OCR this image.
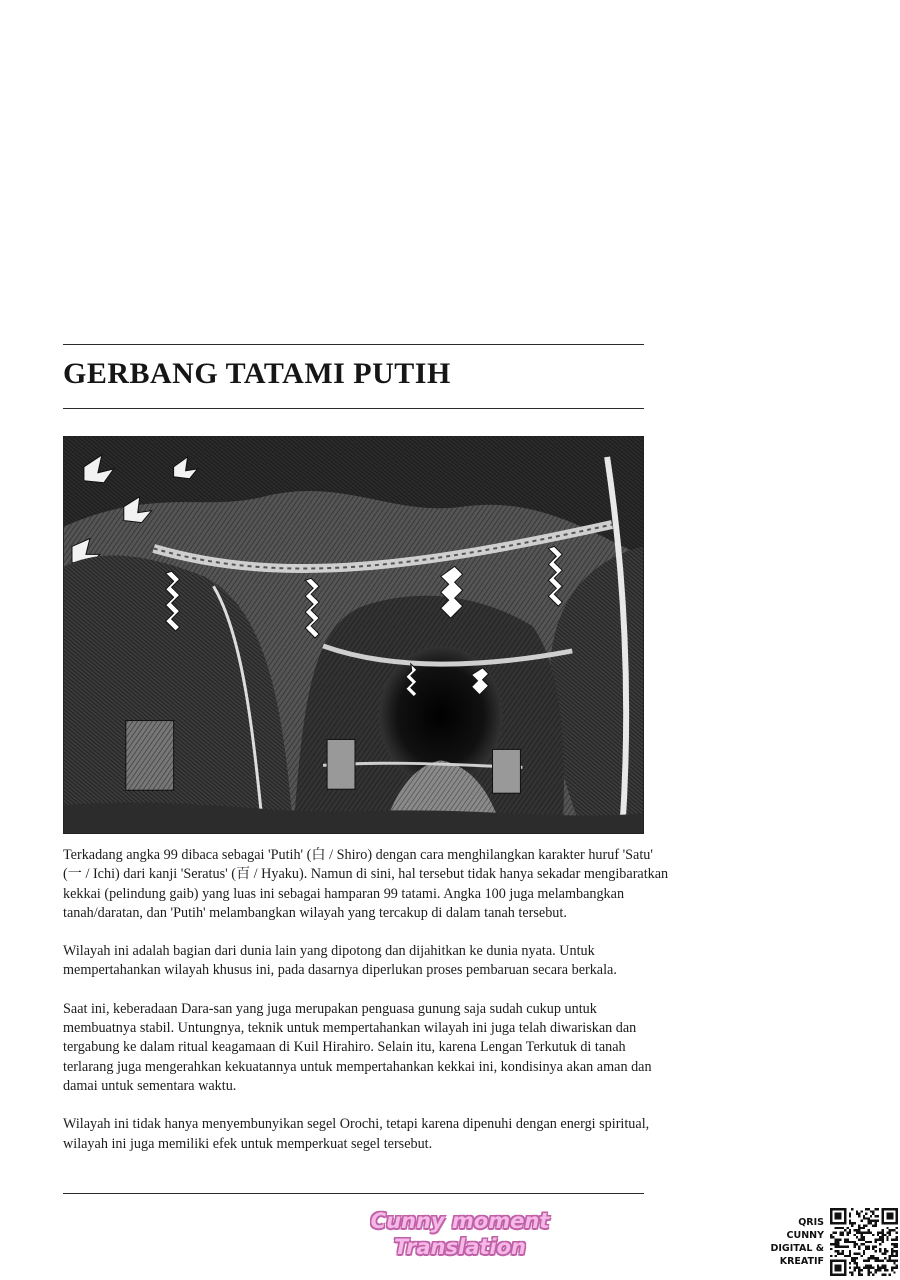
GERBANG TATAMI PUTIH

Terkadang angka 99 dibaca sebagai 'Putih' (白 / Shiro) dengan cara menghilangkan karakter huruf 'Satu' (一 / Ichi) dari kanji 'Seratus' (百 / Hyaku). Namun di sini, hal tersebut tidak hanya sekadar mengibaratkan kekkai (pelindung gaib) yang luas ini sebagai hamparan 99 tatami. Angka 100 juga melambangkan tanah/daratan, dan 'Putih' melambangkan wilayah yang tercakup di dalam tanah tersebut.

Wilayah ini adalah bagian dari dunia lain yang dipotong dan dijahitkan ke dunia nyata. Untuk mempertahankan wilayah khusus ini, pada dasarnya diperlukan proses pembaruan secara berkala.

Saat ini, keberadaan Dara-san yang juga merupakan penguasa gunung saja sudah cukup untuk membuatnya stabil. Untungnya, teknik untuk mempertahankan wilayah ini juga telah diwariskan dan tergabung ke dalam ritual keagamaan di Kuil Hirahiro. Selain itu, karena Lengan Terkutuk di tanah terlarang juga mengerahkan kekuatannya untuk mempertahankan kekkai ini, kondisinya akan aman dan damai untuk sementara waktu.

Wilayah ini tidak hanya menyembunyikan segel Orochi, tetapi karena dipenuhi dengan energi spiritual, wilayah ini juga memiliki efek untuk memperkuat segel tersebut.

Cunny moment
Translation
QRIS
CUNNY
DIGITAL &
KREATIF
